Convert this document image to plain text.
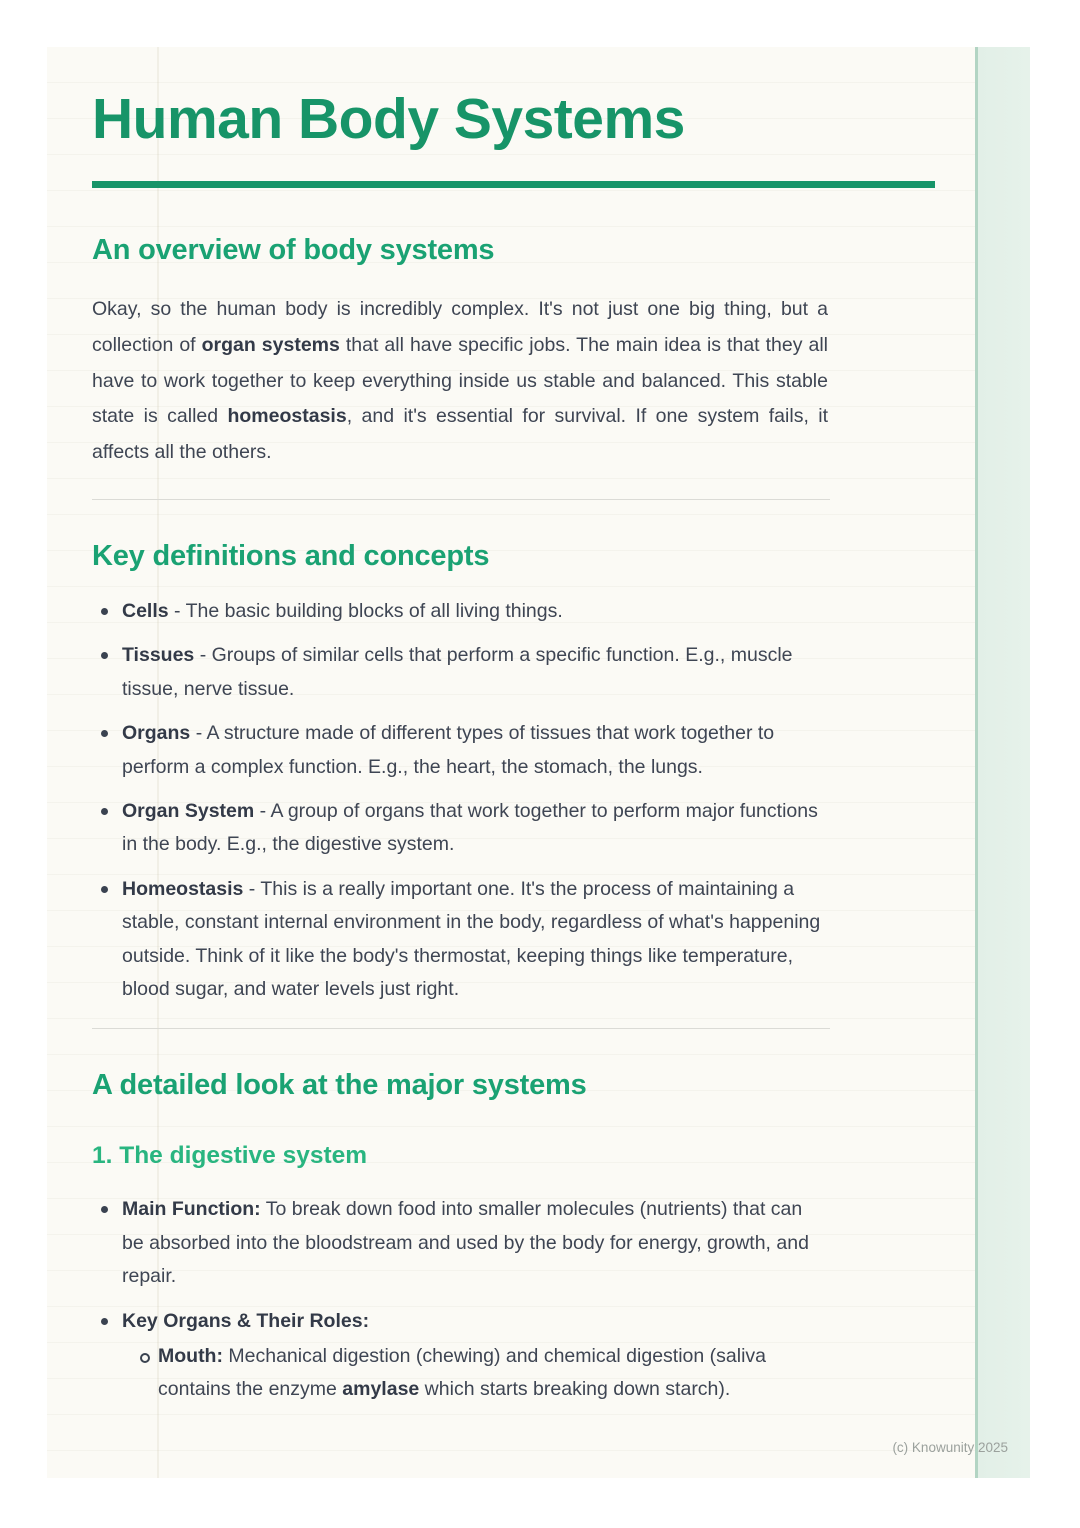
Human Body Systems
An overview of body systems

Okay, so the human body is incredibly complex. It's not just one big thing, but a collection of organ systems that all have specific jobs. The main idea is that they all have to work together to keep everything inside us stable and balanced. This stable state is called homeostasis, and it's essential for survival. If one system fails, it affects all the others.

Key definitions and concepts
Cells - The basic building blocks of all living things.
Tissues - Groups of similar cells that perform a specific function. E.g., muscle tissue, nerve tissue.
Organs - A structure made of different types of tissues that work together to perform a complex function. E.g., the heart, the stomach, the lungs.
Organ System - A group of organs that work together to perform major functions in the body. E.g., the digestive system.
Homeostasis - This is a really important one. It's the process of maintaining a stable, constant internal environment in the body, regardless of what's happening outside. Think of it like the body's thermostat, keeping things like temperature, blood sugar, and water levels just right.
A detailed look at the major systems
1. The digestive system
Main Function: To break down food into smaller molecules (nutrients) that can be absorbed into the bloodstream and used by the body for energy, growth, and repair.
Key Organs & Their Roles:
Mouth: Mechanical digestion (chewing) and chemical digestion (saliva contains the enzyme amylase which starts breaking down starch).
(c) Knowunity 2025
